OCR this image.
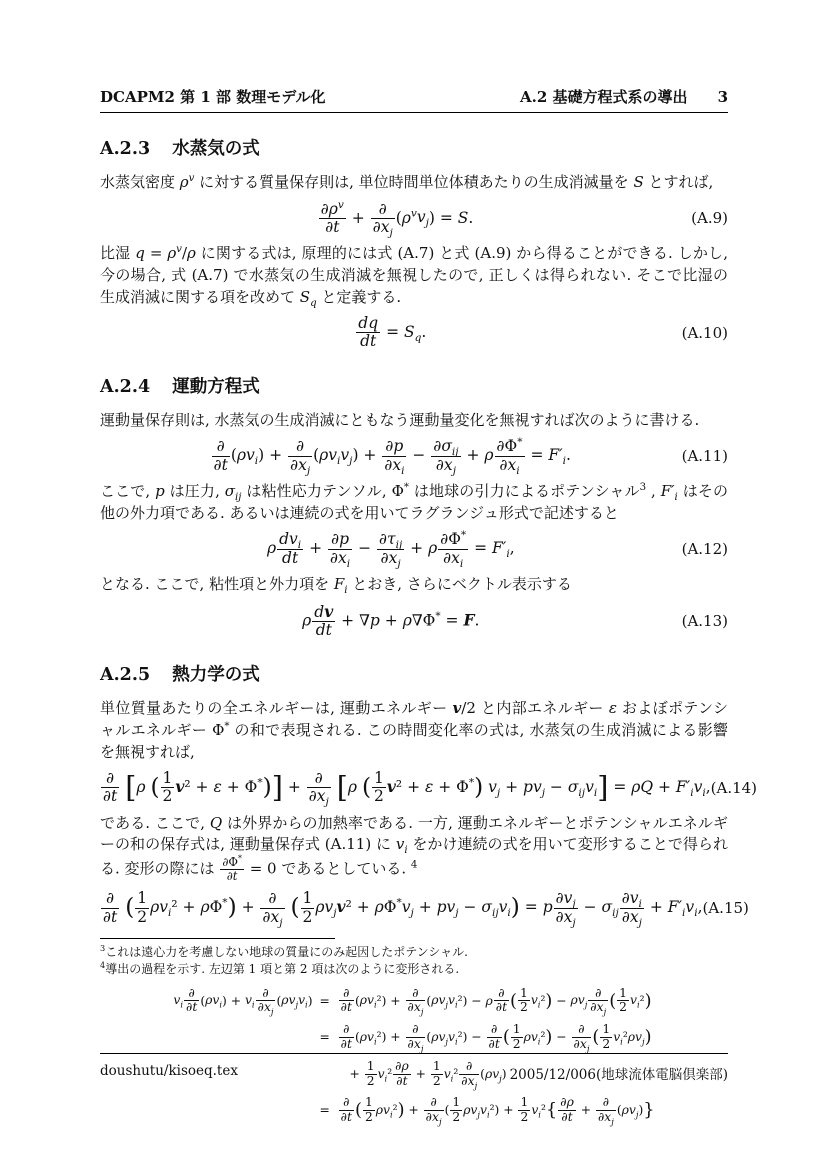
DCAPM2 第 1 部 数理モデル化	A.2 基礎方程式系の導出 3
A.2.3 水蒸気の式

水蒸気密度 $\rho^v$ に対する質量保存則は, 単位時間単位体積あたりの生成消滅量を S とすれば,

$\frac{\partial\rho^v}{\partial t} + \frac{\partial}{\partial x_j} (\rho^vv_j) = S$.	(A.9)

比湿 $q = \rho^v/\rho$ に関する式は, 原理的には式 (A.7) と式 (A.9) から得ることができる. しかし, 今の場合, 式 (A.7) で水蒸気の生成消滅を無視したので, 正しくは得られない. そこで比湿の生成消滅に関する項を改めて $S_q$ と定義する.

$\frac{dq}{dt} = S_q$.	(A.10)
A.2.4 運動方程式

運動量保存則は, 水蒸気の生成消滅にともなう運動量変化を無視すれば次のように書ける.

$\frac{\partial}{\partial t} (\rho v_i) + \frac{\partial}{\partial x_j} (\rho v_iv_j) + \frac{\partial p}{\partial x_i} - \frac{\partial\sigma_{ij}}{\partial x_j} + \rho \frac{\partial\Phi^*}{\partial x_i} = F'_i$.	(A.11)

ここで, p は圧力, $\sigma_{ij}$ は粘性応力テンソル, Φ* は地球の引力によるポテンシャル$^3$ , $F'_i$ はその他の外力項である. あるいは連続の式を用いてラグランジュ形式で記述すると

ρ $\frac{dv_i}{dt} + \frac{\partial p}{\partial x_i} - \frac{\partial\tau_{ij}}{\partial x_j} + \rho \frac{\partial\Phi^*}{\partial x_i} = F'_i$,	(A.12)

となる. ここで, 粘性項と外力項を $F_i$ とおき, さらにベクトル表示する

ρ $\frac{dv}{dt} + \nabla p + \rho\nabla\Phi^* = F$.	(A.13)
A.2.5 熱力学の式

単位質量あたりの全エネルギーは, 運動エネルギー v/2 と内部エネルギー ε およぼポテンシャルエネルギー Φ* の和で表現される. この時間変化率の式は, 水蒸気の生成消滅による影響を無視すれば,

$\frac{\partial}{\partial t} [\rho$ ( $\frac{1}{2} v^2 + \varepsilon + \Phi^*)] + \frac{\partial}{\partial x_j} [\rho$ ( $\frac{1}{2} v^2 + \varepsilon + \Phi^*$) $v_j + pv_j - \sigma_{ij}v_i] = \rho Q + F'_iv_i$, (A.14)

である. ここで, Q は外界からの加熱率である. 一方, 運動エネルギーとポテンシャルエネルギーの和の保存式は, 運動量保存式 (A.11) に $v_i$ をかけ連続の式を用いて変形することで得られる. 変形の際には $\frac{\partial\Phi^*}{\partial t} = 0$ であるとしている. $^4$

$\frac{\partial}{\partial t}$ ( $\frac{1}{2} \rho v_i^2 + \rho\Phi^*) + \frac{\partial}{\partial x_j}$ ( $\frac{1}{2} \rho v_jv^2 + \rho\Phi^*v_j + pv_j - \sigma_{ij}v_i) = p \frac{\partial v_j}{\partial x_j} - \sigma_{ij} \frac{\partial v_i}{\partial x_j} + F'_iv_i$, (A.15)

$^3$これは遠心力を考慮しない地球の質量にのみ起因したポテンシャル.

$^4$導出の過程を示す. 左辺第 1 項と第 2 項は次のように変形される.

$v_i \frac{\partial}{\partial t} (\rho v_i) + v_i \frac{\partial}{\partial x_j} (\rho v_jv_i)$	= $\frac{\partial}{\partial t} (\rho v_i^2) + \frac{\partial}{\partial x_j} (\rho v_jv_i^2) - \rho \frac{\partial}{\partial t}$ ( $\frac{1}{2} v_i^2) - \rho v_j \frac{\partial}{\partial x_j}$ ( $\frac{1}{2} v_i^2$)
	= $\frac{\partial}{\partial t} (\rho v_i^2) + \frac{\partial}{\partial x_j} (\rho v_jv_i^2) - \frac{\partial}{\partial t}$ ( $\frac{1}{2} \rho v_i^2) - \frac{\partial}{\partial x_j}$ ( $\frac{1}{2} v_i^2\rho v_j$)
	+ $\frac{1}{2} v_i^2 \frac{\partial\rho}{\partial t} + \frac{1}{2} v_i^2 \frac{\partial}{\partial x_j} (\rho v_j)$
	= $\frac{\partial}{\partial t}$ ( $\frac{1}{2} \rho v_i^2) + \frac{\partial}{\partial x_j}$ ( $\frac{1}{2} \rho v_jv_i^2) + \frac{1}{2} v_i^2\{ \frac{\partial\rho}{\partial t} + \frac{\partial}{\partial x_j} (\rho v_j)\}$
doushutu/kisoeq.tex	2005/12/006(地球流体電脳倶楽部)
